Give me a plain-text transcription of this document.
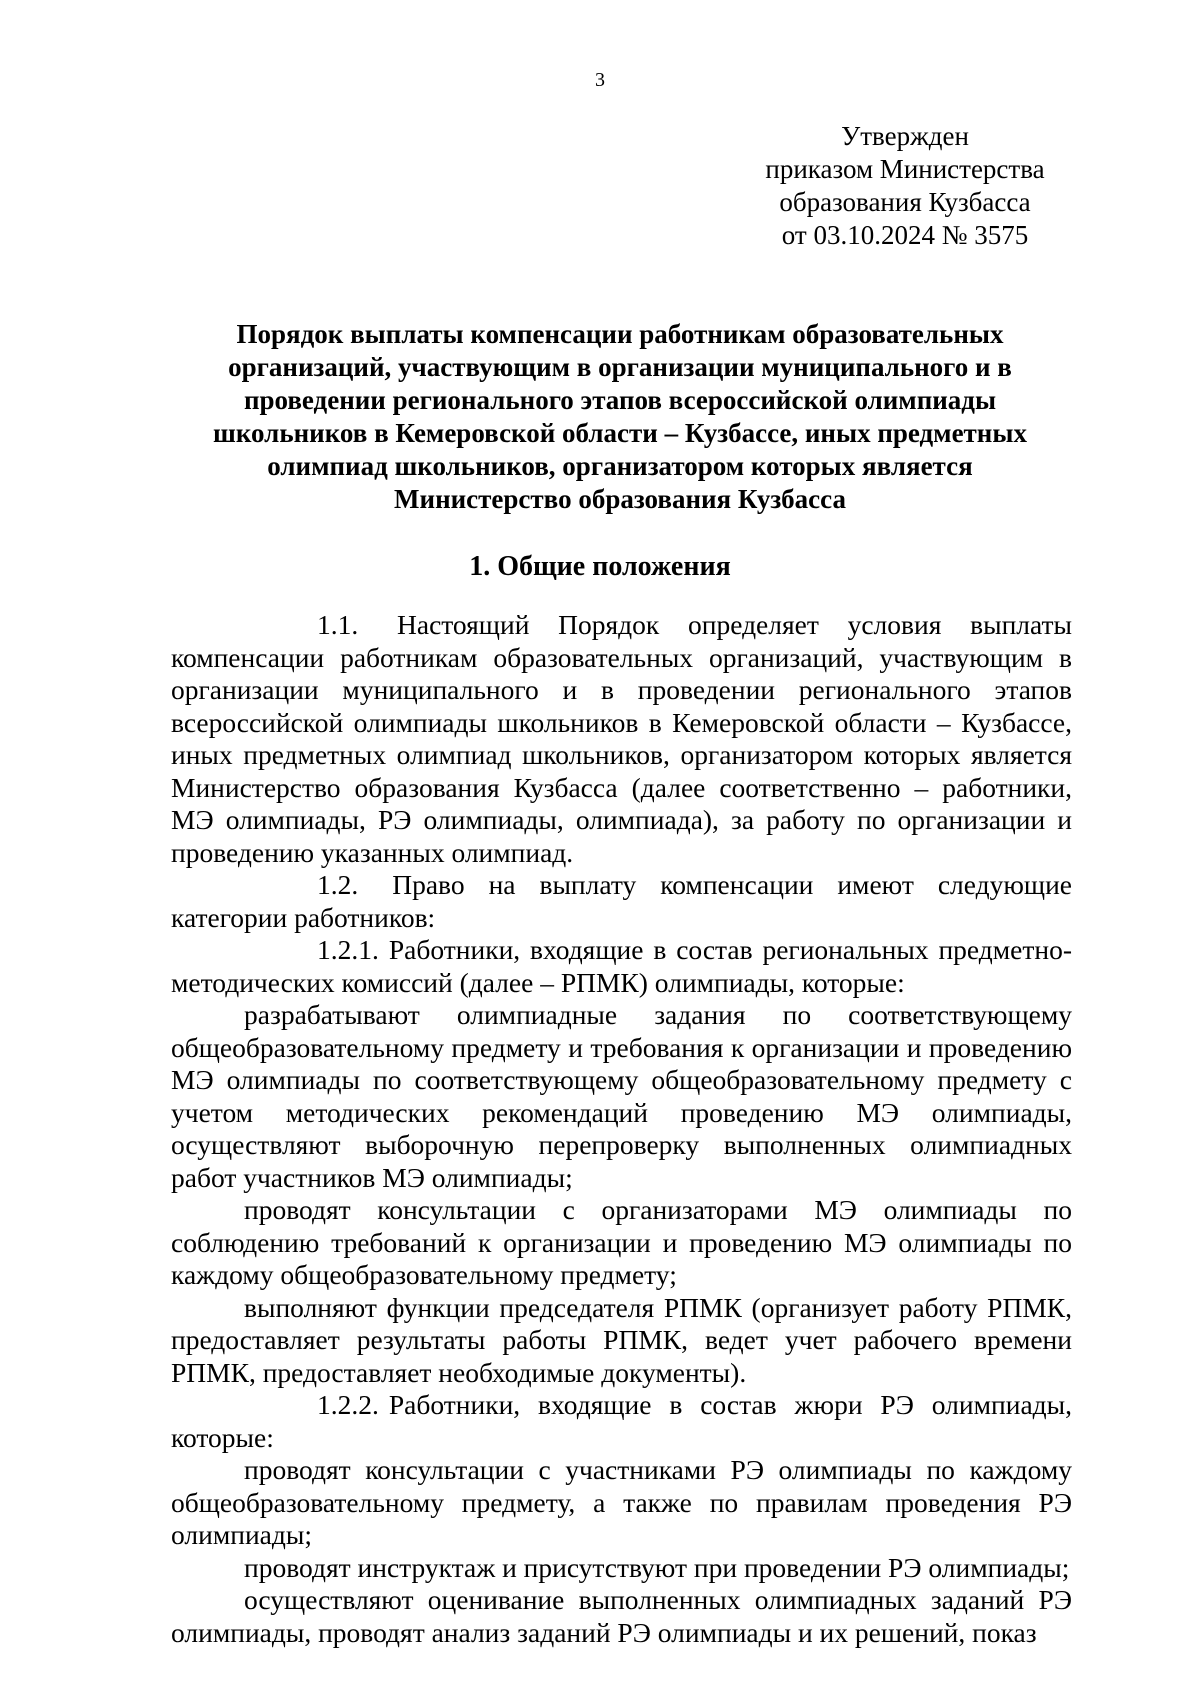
3
Утвержден
приказом Министерства
образования Кузбасса
от 03.10.2024 № 3575
Порядок выплаты компенсации работникам образовательных
организаций, участвующим в организации муниципального и в
проведении регионального этапов всероссийской олимпиады
школьников в Кемеровской области – Кузбассе, иных предметных
олимпиад школьников, организатором которых является
Министерство образования Кузбасса
1. Общие положения

1.1. Настоящий Порядок определяет условия выплаты компенсации работникам образовательных организаций, участвующим в организации муниципального и в проведении регионального этапов всероссийской олимпиады школьников в Кемеровской области – Кузбассе, иных предметных олимпиад школьников, организатором которых является Министерство образования Кузбасса (далее соответственно – работники, МЭ олимпиады, РЭ олимпиады, олимпиада), за работу по организации и проведению указанных олимпиад.

1.2. Право на выплату компенсации имеют следующие категории работников:

1.2.1. Работники, входящие в состав региональных предметно-методических комиссий (далее – РПМК) олимпиады, которые:

разрабатывают олимпиадные задания по соответствующему общеобразовательному предмету и требования к организации и проведению МЭ олимпиады по соответствующему общеобразовательному предмету с учетом методических рекомендаций проведению МЭ олимпиады, осуществляют выборочную перепроверку выполненных олимпиадных работ участников МЭ олимпиады;

проводят консультации с организаторами МЭ олимпиады по соблюдению требований к организации и проведению МЭ олимпиады по каждому общеобразовательному предмету;

выполняют функции председателя РПМК (организует работу РПМК, предоставляет результаты работы РПМК, ведет учет рабочего времени РПМК, предоставляет необходимые документы).

1.2.2. Работники, входящие в состав жюри РЭ олимпиады, которые:

проводят консультации с участниками РЭ олимпиады по каждому общеобразовательному предмету, а также по правилам проведения РЭ олимпиады;

проводят инструктаж и присутствуют при проведении РЭ олимпиады;

осуществляют оценивание выполненных олимпиадных заданий РЭ олимпиады, проводят анализ заданий РЭ олимпиады и их решений, показ
